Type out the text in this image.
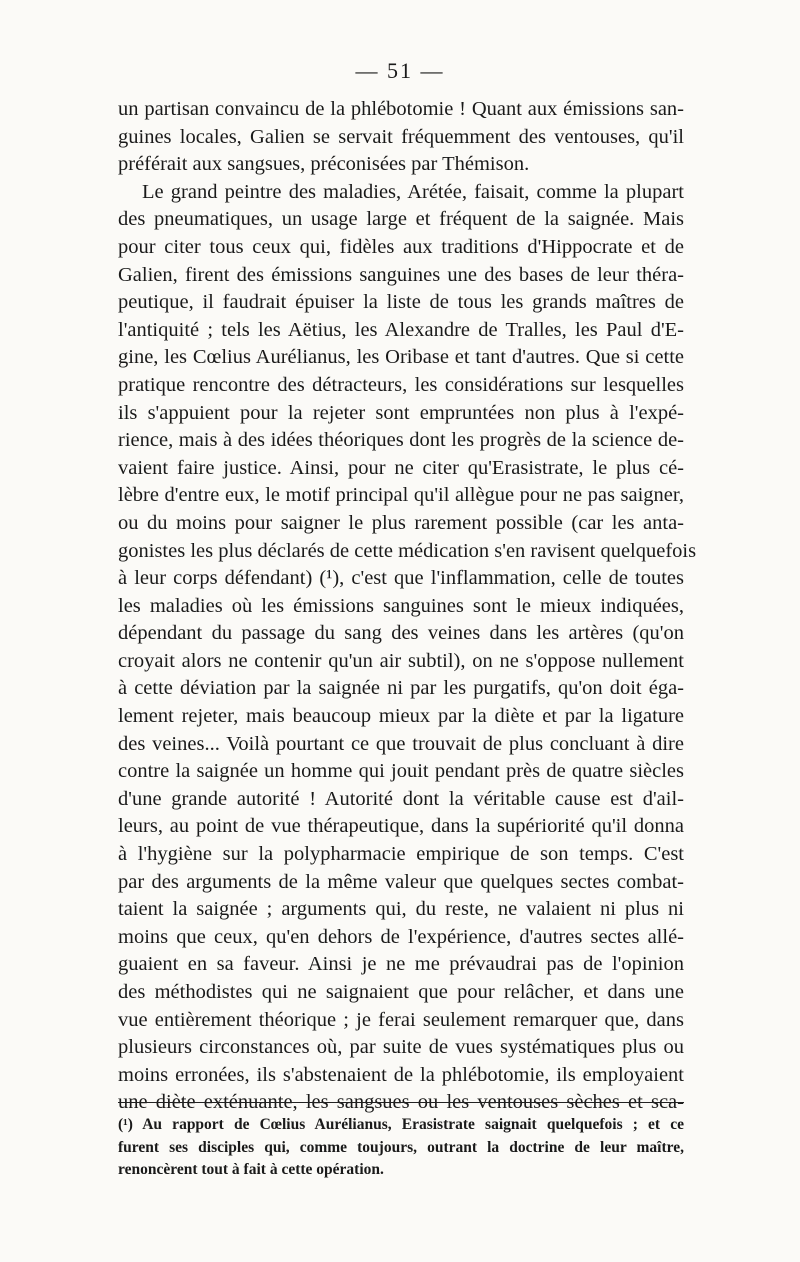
— 51 —
un partisan convaincu de la phlébotomie ! Quant aux émissions san-
guines locales, Galien se servait fréquemment des ventouses, qu'il
préférait aux sangsues, préconisées par Thémison.
Le grand peintre des maladies, Arétée, faisait, comme la plupart
des pneumatiques, un usage large et fréquent de la saignée. Mais
pour citer tous ceux qui, fidèles aux traditions d'Hippocrate et de
Galien, firent des émissions sanguines une des bases de leur théra-
peutique, il faudrait épuiser la liste de tous les grands maîtres de
l'antiquité ; tels les Aëtius, les Alexandre de Tralles, les Paul d'E-
gine, les Cœlius Aurélianus, les Oribase et tant d'autres. Que si cette
pratique rencontre des détracteurs, les considérations sur lesquelles
ils s'appuient pour la rejeter sont empruntées non plus à l'expé-
rience, mais à des idées théoriques dont les progrès de la science de-
vaient faire justice. Ainsi, pour ne citer qu'Erasistrate, le plus cé-
lèbre d'entre eux, le motif principal qu'il allègue pour ne pas saigner,
ou du moins pour saigner le plus rarement possible (car les anta-
gonistes les plus déclarés de cette médication s'en ravisent quelquefois
à leur corps défendant) (¹), c'est que l'inflammation, celle de toutes
les maladies où les émissions sanguines sont le mieux indiquées,
dépendant du passage du sang des veines dans les artères (qu'on
croyait alors ne contenir qu'un air subtil), on ne s'oppose nullement
à cette déviation par la saignée ni par les purgatifs, qu'on doit éga-
lement rejeter, mais beaucoup mieux par la diète et par la ligature
des veines... Voilà pourtant ce que trouvait de plus concluant à dire
contre la saignée un homme qui jouit pendant près de quatre siècles
d'une grande autorité ! Autorité dont la véritable cause est d'ail-
leurs, au point de vue thérapeutique, dans la supériorité qu'il donna
à l'hygiène sur la polypharmacie empirique de son temps. C'est
par des arguments de la même valeur que quelques sectes combat-
taient la saignée ; arguments qui, du reste, ne valaient ni plus ni
moins que ceux, qu'en dehors de l'expérience, d'autres sectes allé-
guaient en sa faveur. Ainsi je ne me prévaudrai pas de l'opinion
des méthodistes qui ne saignaient que pour relâcher, et dans une
vue entièrement théorique ; je ferai seulement remarquer que, dans
plusieurs circonstances où, par suite de vues systématiques plus ou
moins erronées, ils s'abstenaient de la phlébotomie, ils employaient
une diète exténuante, les sangsues ou les ventouses sèches et sca-
(¹) Au rapport de Cœlius Aurélianus, Erasistrate saignait quelquefois ; et ce
furent ses disciples qui, comme toujours, outrant la doctrine de leur maître,
renoncèrent tout à fait à cette opération.
